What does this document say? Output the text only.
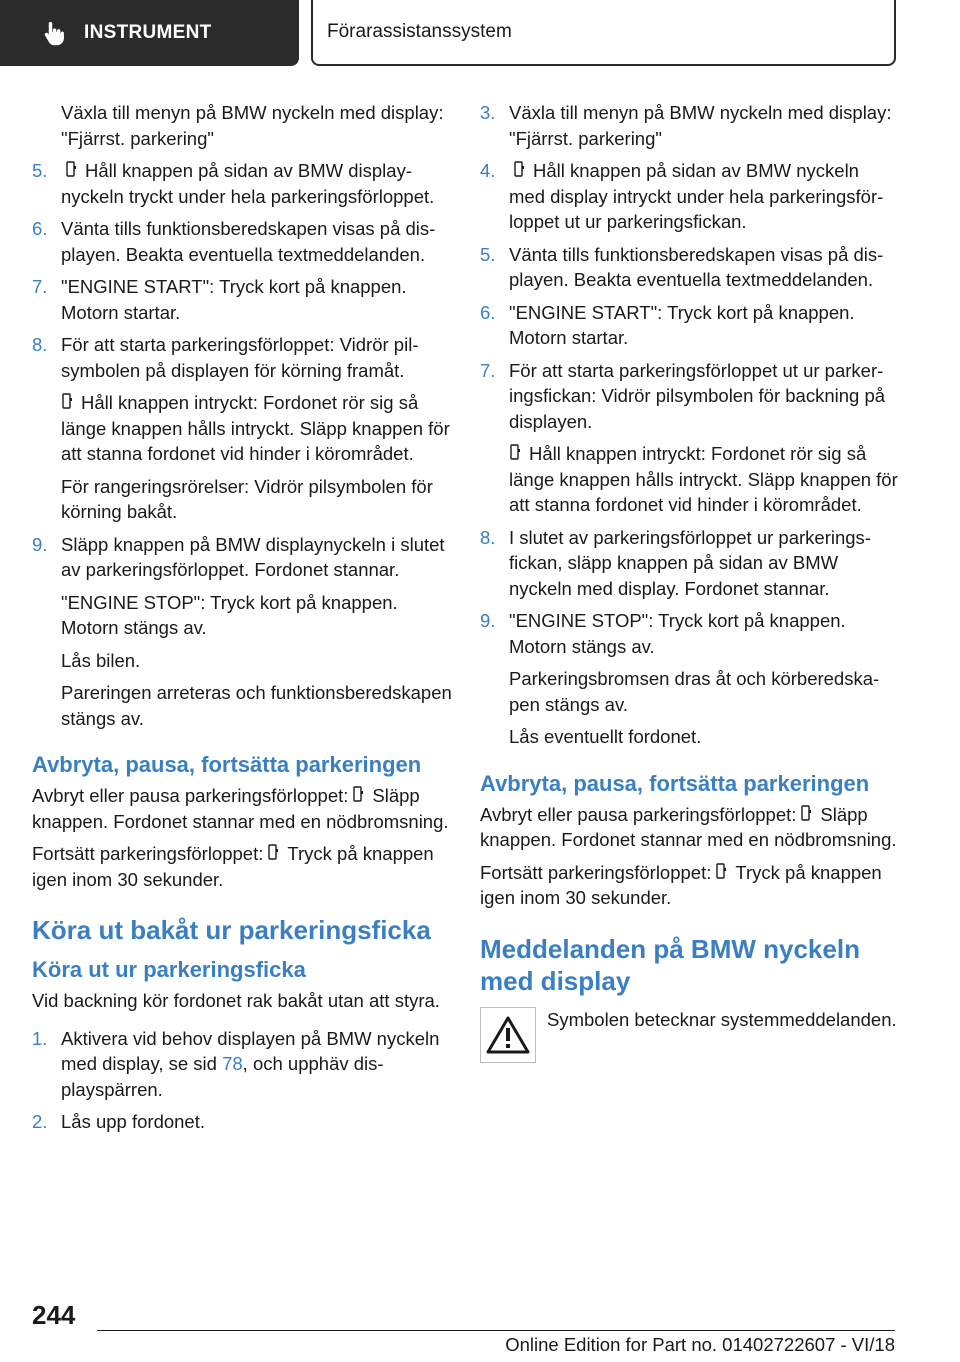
INSTRUMENT	Förarassistanssystem
Växla till menyn på BMW nyckeln med display: "Fjärrst. parkering"
5.	Håll knappen på sidan av BMW displaynyckeln tryckt under hela parkeringsförloppet.
6. Vänta tills funktionsberedskapen visas på displayen. Beakta eventuella textmeddelanden.
7. "ENGINE START": Tryck kort på knappen. Motorn startar.
8. För att starta parkeringsförloppet: Vidrör pilsymbolen på displayen för körning framåt.
Håll knappen intryckt: Fordonet rör sig så länge knappen hålls intryckt. Släpp knappen för att stanna fordonet vid hinder i körområdet.
För rangeringsrörelser: Vidrör pilsymbolen för körning bakåt.
9. Släpp knappen på BMW displaynyckeln i slutet av parkeringsförloppet. Fordonet stannar.
"ENGINE STOP": Tryck kort på knappen. Motorn stängs av.
Lås bilen.
Pareringen arreteras och funktionsberedskapen stängs av.
Avbryta, pausa, fortsätta parkeringen
Avbryt eller pausa parkeringsförloppet: Släpp knappen. Fordonet stannar med en nödbromsning.
Fortsätt parkeringsförloppet: Tryck på knappen igen inom 30 sekunder.
Köra ut bakåt ur parkeringsficka
Köra ut ur parkeringsficka
Vid backning kör fordonet rak bakåt utan att styra.
1. Aktivera vid behov displayen på BMW nyckeln med display, se sid 78, och upphäv displayspärren.
2. Lås upp fordonet.
3. Växla till menyn på BMW nyckeln med display: "Fjärrst. parkering"
4.	Håll knappen på sidan av BMW nyckeln med display intryckt under hela parkeringsförloppet ut ur parkeringsfickan.
5. Vänta tills funktionsberedskapen visas på displayen. Beakta eventuella textmeddelanden.
6. "ENGINE START": Tryck kort på knappen. Motorn startar.
7. För att starta parkeringsförloppet ut ur parkeringsfickan: Vidrör pilsymbolen för backning på displayen.
Håll knappen intryckt: Fordonet rör sig så länge knappen hålls intryckt. Släpp knappen för att stanna fordonet vid hinder i körområdet.
8. I slutet av parkeringsförloppet ur parkeringsfickan, släpp knappen på sidan av BMW nyckeln med display. Fordonet stannar.
9. "ENGINE STOP": Tryck kort på knappen. Motorn stängs av.
Parkeringsbromsen dras åt och körberedskapen stängs av.
Lås eventuellt fordonet.
Avbryta, pausa, fortsätta parkeringen
Avbryt eller pausa parkeringsförloppet: Släpp knappen. Fordonet stannar med en nödbromsning.
Fortsätt parkeringsförloppet: Tryck på knappen igen inom 30 sekunder.
Meddelanden på BMW nyckeln med display
Symbolen betecknar systemmeddelanden.
244
Online Edition for Part no. 01402722607 - VI/18
